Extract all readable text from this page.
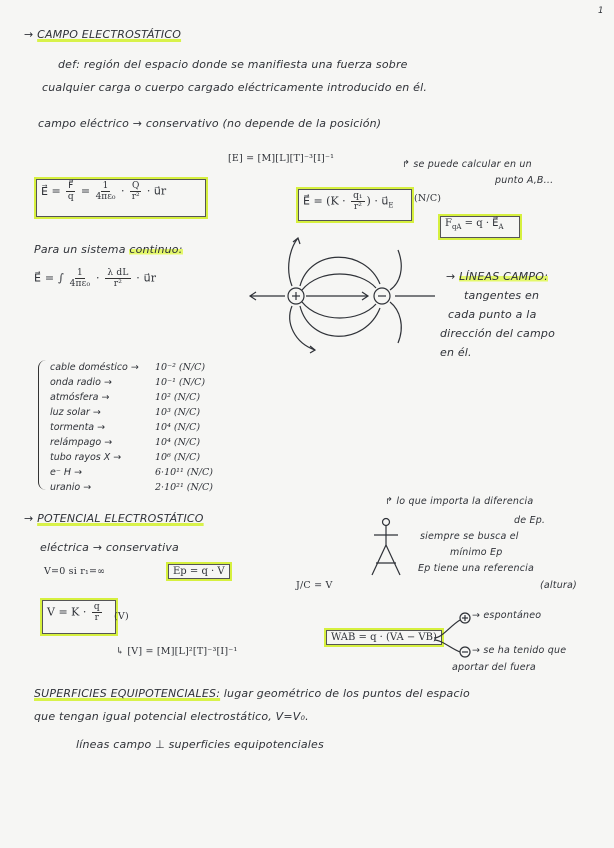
1
→ CAMPO ELECTROSTÁTICO
def: región del espacio donde se manifiesta una fuerza sobre
cualquier carga o cuerpo cargado eléctricamente introducido en él.
campo eléctrico → conservativo (no depende de la posición)
[E] = [M][L][T]⁻³[I]⁻¹
E⃗ = $\frac{F⃗}{q} = \frac{1}{\text{4πε₀}} \cdot \frac{Q}{\text{r²}}$ · u⃗r
E⃗ = ($K \cdot \frac{\text{q₁}}{\text{r²}}$ ) · $u⃗_E$
(N/C)
↱ se puede calcular en un
punto A,B...
$F_{qA} = q$ · $E⃗_A$
Para un sistema continuo:
E⃗ = ∫ $\frac{1}{\text{4πε₀}} \cdot \frac{\text{λ dL}}{\text{r²}}$ · u⃗r	→ LÍNEAS CAMPO:
tangentes en
cada punto a la
dirección del campo
en él.
cable doméstico → 10⁻² (N/C)
onda radio →	10⁻¹ (N/C)
atmósfera →	10² (N/C)
luz solar →	10³ (N/C)
tormenta →	10⁴ (N/C)
relámpago →	10⁴ (N/C)
tubo rayos X →	10⁶ (N/C)
e⁻ H →	6·10¹¹ (N/C)
uranio →	2·10²¹ (N/C)
→ POTENCIAL ELECTROSTÁTICO
eléctrica → conservativa
V=0 si r₁=∞	Ep = q · V
J/C = V
$V = K \cdot \frac{q}{r} (V)$
↳ [V] = [M][L]²[T]⁻³[I]⁻¹
↱ lo que importa la diferencia
de Ep.
siempre se busca el
mínimo Ep
Ep tiene una referencia
(altura)
WAB = q · (VA − VB)
→ espontáneo
→ se ha tenido que
aportar del fuera
SUPERFICIES EQUIPOTENCIALES: lugar geométrico de los puntos del espacio
que tengan igual potencial electrostático, V=V₀.
líneas campo ⊥ superficies equipotenciales
